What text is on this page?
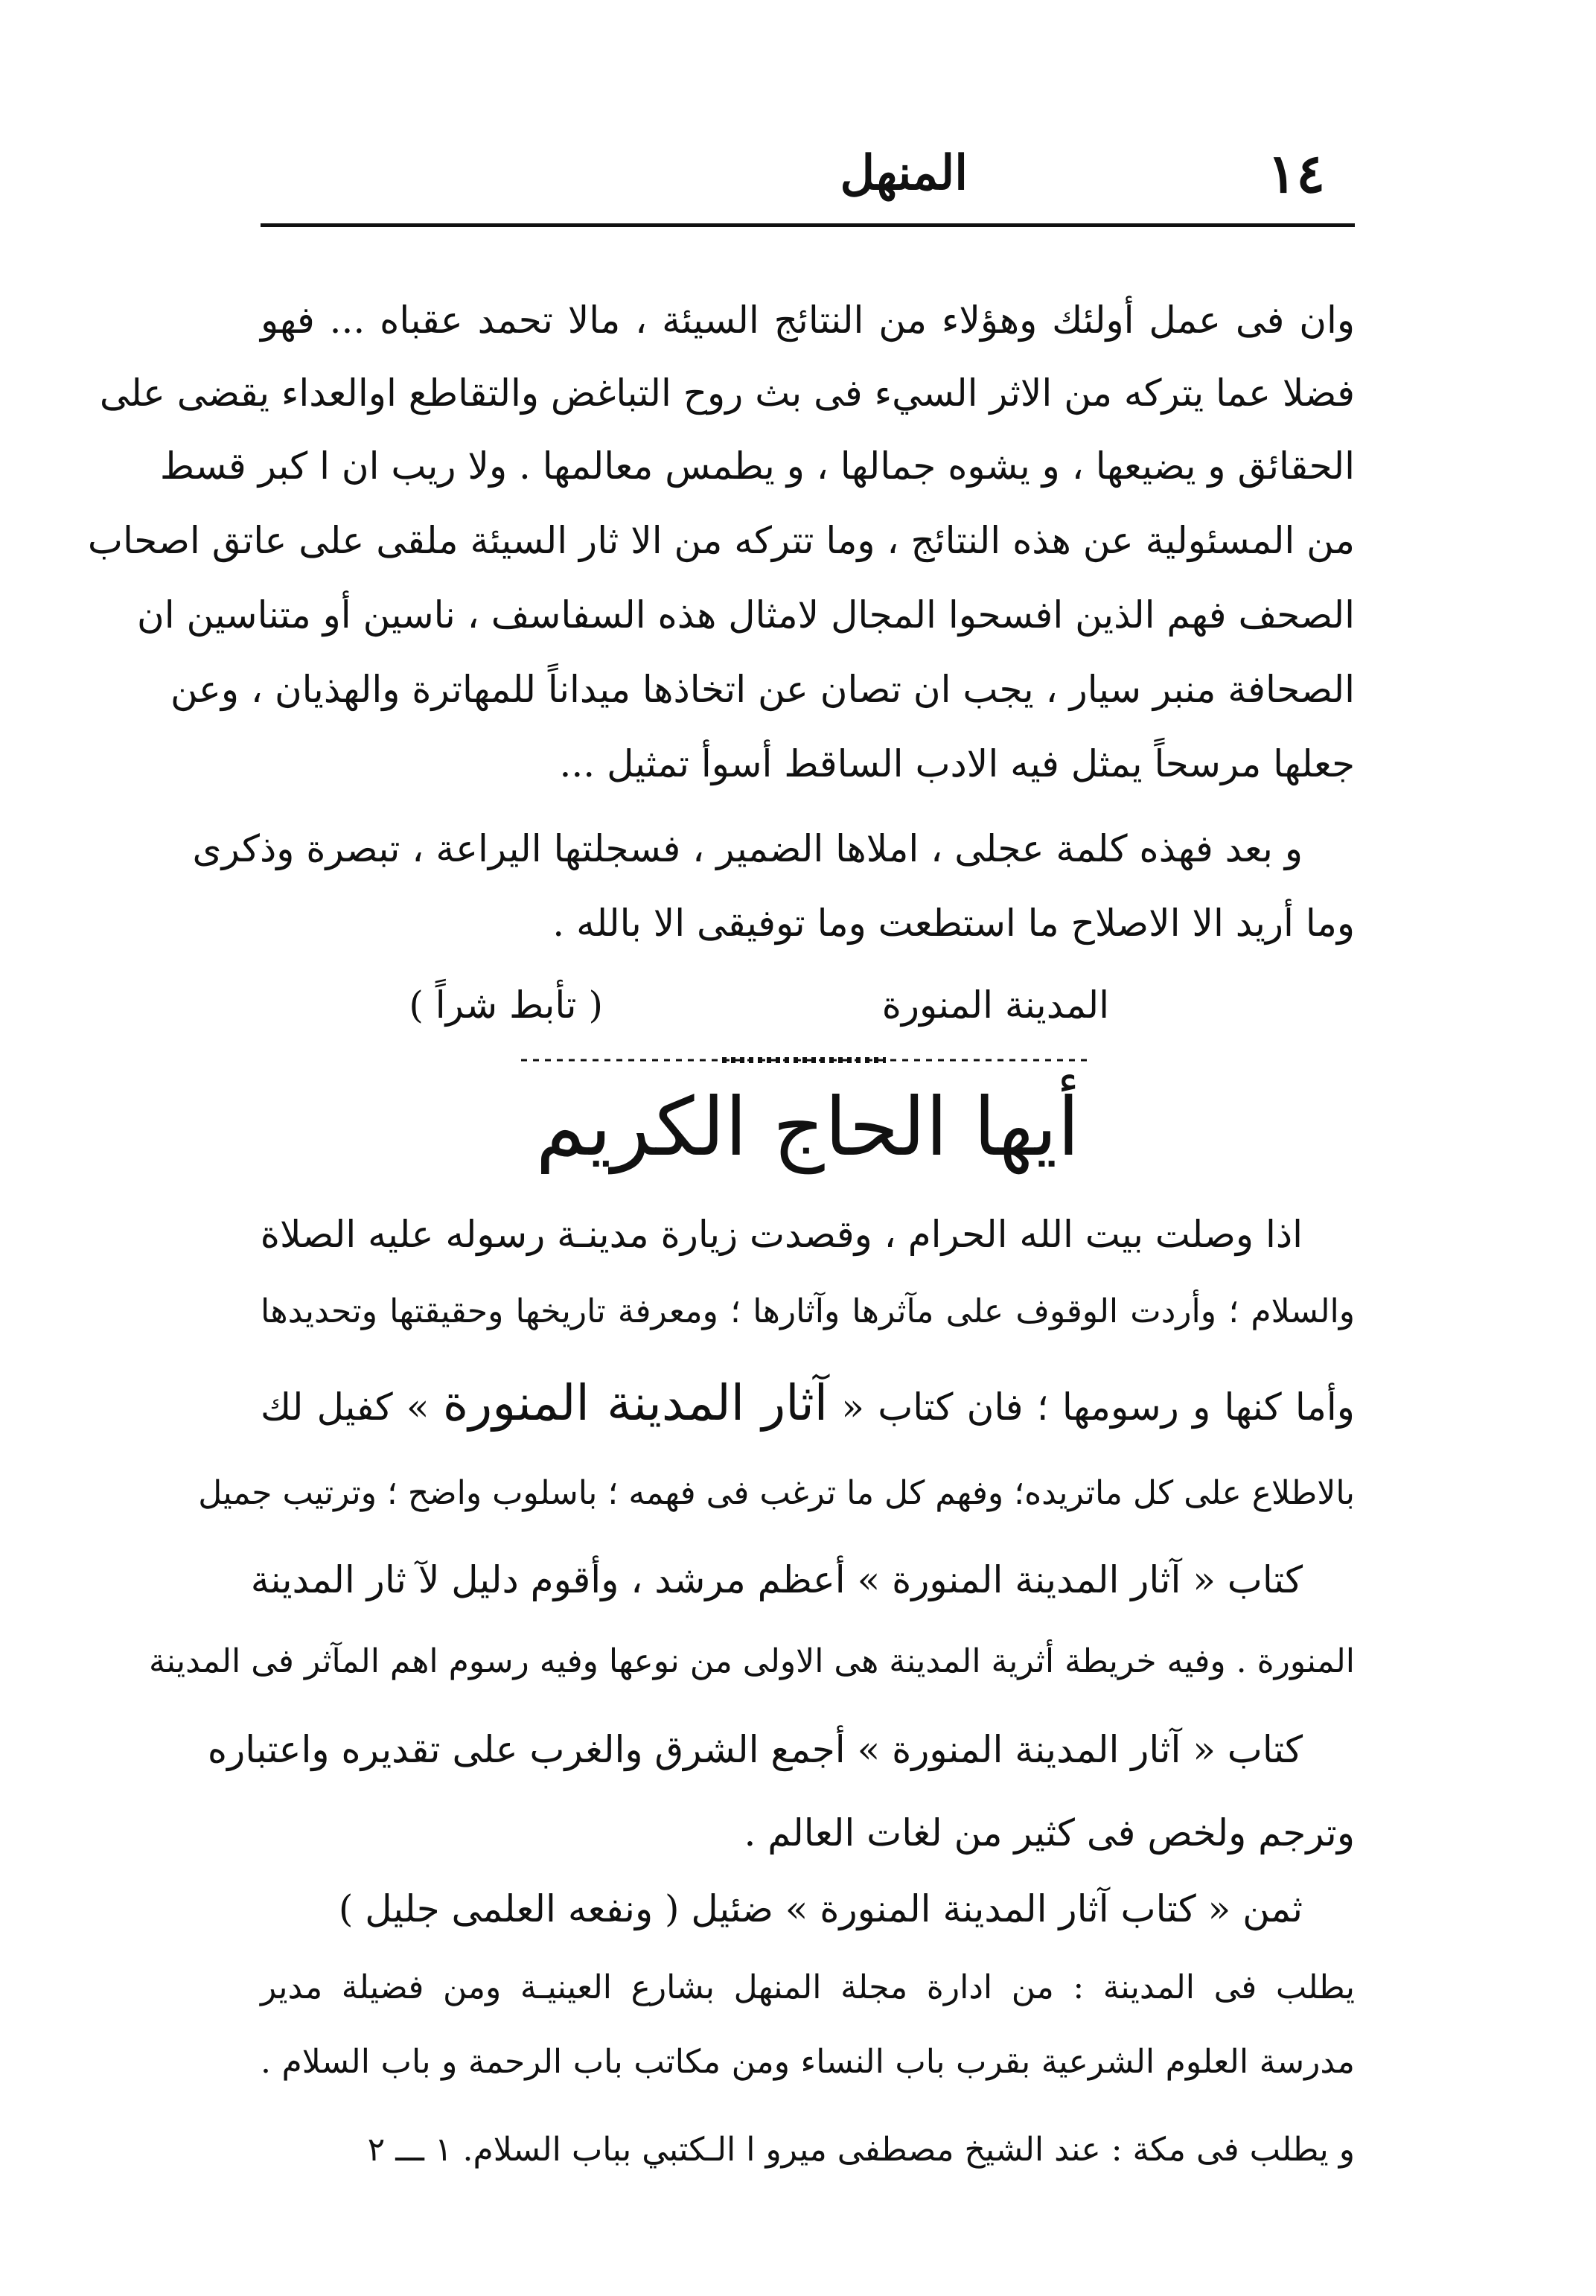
١٤
المنهل
وان فى عمل أولئك وهؤلاء من النتائج السيئة ، مالا تحمد عقباه ... فهو
فضلا عما يتركه من الاثر السيء فى بث روح التباغض والتقاطع اوالعداء يقضى على
الحقائق و يضيعها ، و يشوه جمالها ، و يطمس معالمها . ولا ريب ان ا كبر قسط
من المسئولية عن هذه النتائج ، وما تتركه من الا ثار السيئة ملقى على عاتق اصحاب
الصحف فهم الذين افسحوا المجال لامثال هذه السفاسف ، ناسين أو متناسين ان
الصحافة منبر سيار ، يجب ان تصان عن اتخاذها ميداناً للمهاترة والهذيان ، وعن
جعلها مرسحاً يمثل فيه الادب الساقط أسوأ تمثيل ...
و بعد فهذه كلمة عجلى ، املاها الضمير ، فسجلتها اليراعة ، تبصرة وذكرى
وما أريد الا الاصلاح ما استطعت وما توفيقى الا بالله .
المدينة المنورة
( تأبط شراً )
أيها الحاج الكريم
اذا وصلت بيت الله الحرام ، وقصدت زيارة مدينـة رسوله عليه الصلاة
والسلام ؛ وأردت الوقوف على مآثرها وآثارها ؛ ومعرفة تاريخها وحقيقتها وتحديدها
وأما كنها و رسومها ؛ فان كتاب « آثار المدينة المنورة » كفيل لك
بالاطلاع على كل ماتريده؛ وفهم كل ما ترغب فى فهمه ؛ باسلوب واضح ؛ وترتيب جميل
كتاب « آثار المدينة المنورة » أعظم مرشد ، وأقوم دليل لآ ثار المدينة
المنورة . وفيه خريطة أثرية المدينة هى الاولى من نوعها وفيه رسوم اهم المآثر فى المدينة
كتاب « آثار المدينة المنورة » أجمع الشرق والغرب على تقديره واعتباره
وترجم ولخص فى كثير من لغات العالم .
ثمن « كتاب آثار المدينة المنورة » ضئيل ( ونفعه العلمى جليل )
يطلب فى المدينة : من ادارة مجلة المنهل بشارع العينيـة ومن فضيلة مدير
مدرسة العلوم الشرعية بقرب باب النساء ومن مكاتب باب الرحمة و باب السلام .
و يطلب فى مكة : عند الشيخ مصطفى ميرو ا الـكتبي بباب السلام. ١ ـــ ٢
